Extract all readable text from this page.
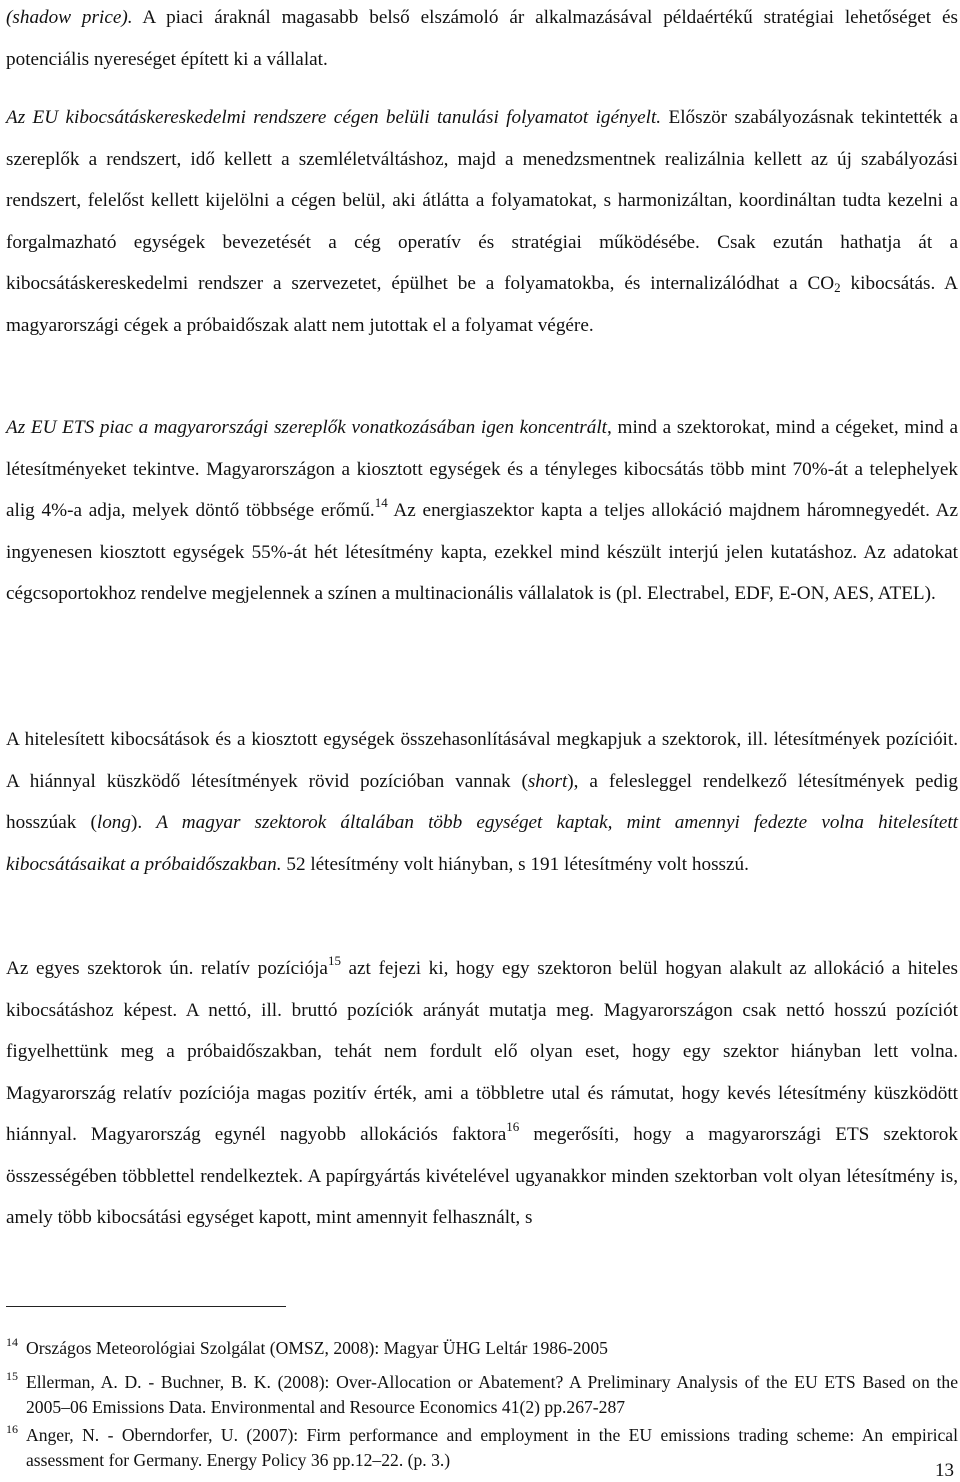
(shadow price). A piaci áraknál magasabb belső elszámoló ár alkalmazásával példaértékű stratégiai lehetőséget és potenciális nyereséget épített ki a vállalat.

Az EU kibocsátáskereskedelmi rendszere cégen belüli tanulási folyamatot igényelt. Először szabályozásnak tekintették a szereplők a rendszert, idő kellett a szemléletváltáshoz, majd a menedzsmentnek realizálnia kellett az új szabályozási rendszert, felelőst kellett kijelölni a cégen belül, aki átlátta a folyamatokat, s harmonizáltan, koordináltan tudta kezelni a forgalmazható egységek bevezetését a cég operatív és stratégiai működésébe. Csak ezután hathatja át a kibocsátáskereskedelmi rendszer a szervezetet, épülhet be a folyamatokba, és internalizálódhat a $CO_2$ kibocsátás. A magyarországi cégek a próbaidőszak alatt nem jutottak el a folyamat végére.

Az EU ETS piac a magyarországi szereplők vonatkozásában igen koncentrált, mind a szektorokat, mind a cégeket, mind a létesítményeket tekintve. Magyarországon a kiosztott egységek és a tényleges kibocsátás több mint 70%-át a telephelyek alig 4%-a adja, melyek döntő többsége erőmű.$^{14}$ Az energiaszektor kapta a teljes allokáció majdnem háromnegyedét. Az ingyenesen kiosztott egységek 55%-át hét létesítmény kapta, ezekkel mind készült interjú jelen kutatáshoz. Az adatokat cégcsoportokhoz rendelve megjelennek a színen a multinacionális vállalatok is (pl. Electrabel, EDF, E-ON, AES, ATEL).

A hitelesített kibocsátások és a kiosztott egységek összehasonlításával megkapjuk a szektorok, ill. létesítmények pozícióit. A hiánnyal küszködő létesítmények rövid pozícióban vannak (short), a felesleggel rendelkező létesítmények pedig hosszúak (long). A magyar szektorok általában több egységet kaptak, mint amennyi fedezte volna hitelesített kibocsátásaikat a próbaidőszakban. 52 létesítmény volt hiányban, s 191 létesítmény volt hosszú.

Az egyes szektorok ún. relatív pozíciója$^{15}$ azt fejezi ki, hogy egy szektoron belül hogyan alakult az allokáció a hiteles kibocsátáshoz képest. A nettó, ill. bruttó pozíciók arányát mutatja meg. Magyarországon csak nettó hosszú pozíciót figyelhettünk meg a próbaidőszakban, tehát nem fordult elő olyan eset, hogy egy szektor hiányban lett volna. Magyarország relatív pozíciója magas pozitív érték, ami a többletre utal és rámutat, hogy kevés létesítmény küszködött hiánnyal. Magyarország egynél nagyobb allokációs faktora$^{16}$ megerősíti, hogy a magyarországi ETS szektorok összességében többlettel rendelkeztek. A papírgyártás kivételével ugyanakkor minden szektorban volt olyan létesítmény is, amely több kibocsátási egységet kapott, mint amennyit felhasznált, s

14 Országos Meteorológiai Szolgálat (OMSZ, 2008): Magyar ÜHG Leltár 1986-2005
15 Ellerman, A. D. - Buchner, B. K. (2008): Over-Allocation or Abatement? A Preliminary Analysis of the EU ETS Based on the 2005–06 Emissions Data. Environmental and Resource Economics 41(2) pp.267-287
16 Anger, N. - Oberndorfer, U. (2007): Firm performance and employment in the EU emissions trading scheme: An empirical assessment for Germany. Energy Policy 36 pp.12–22. (p. 3.)	13
